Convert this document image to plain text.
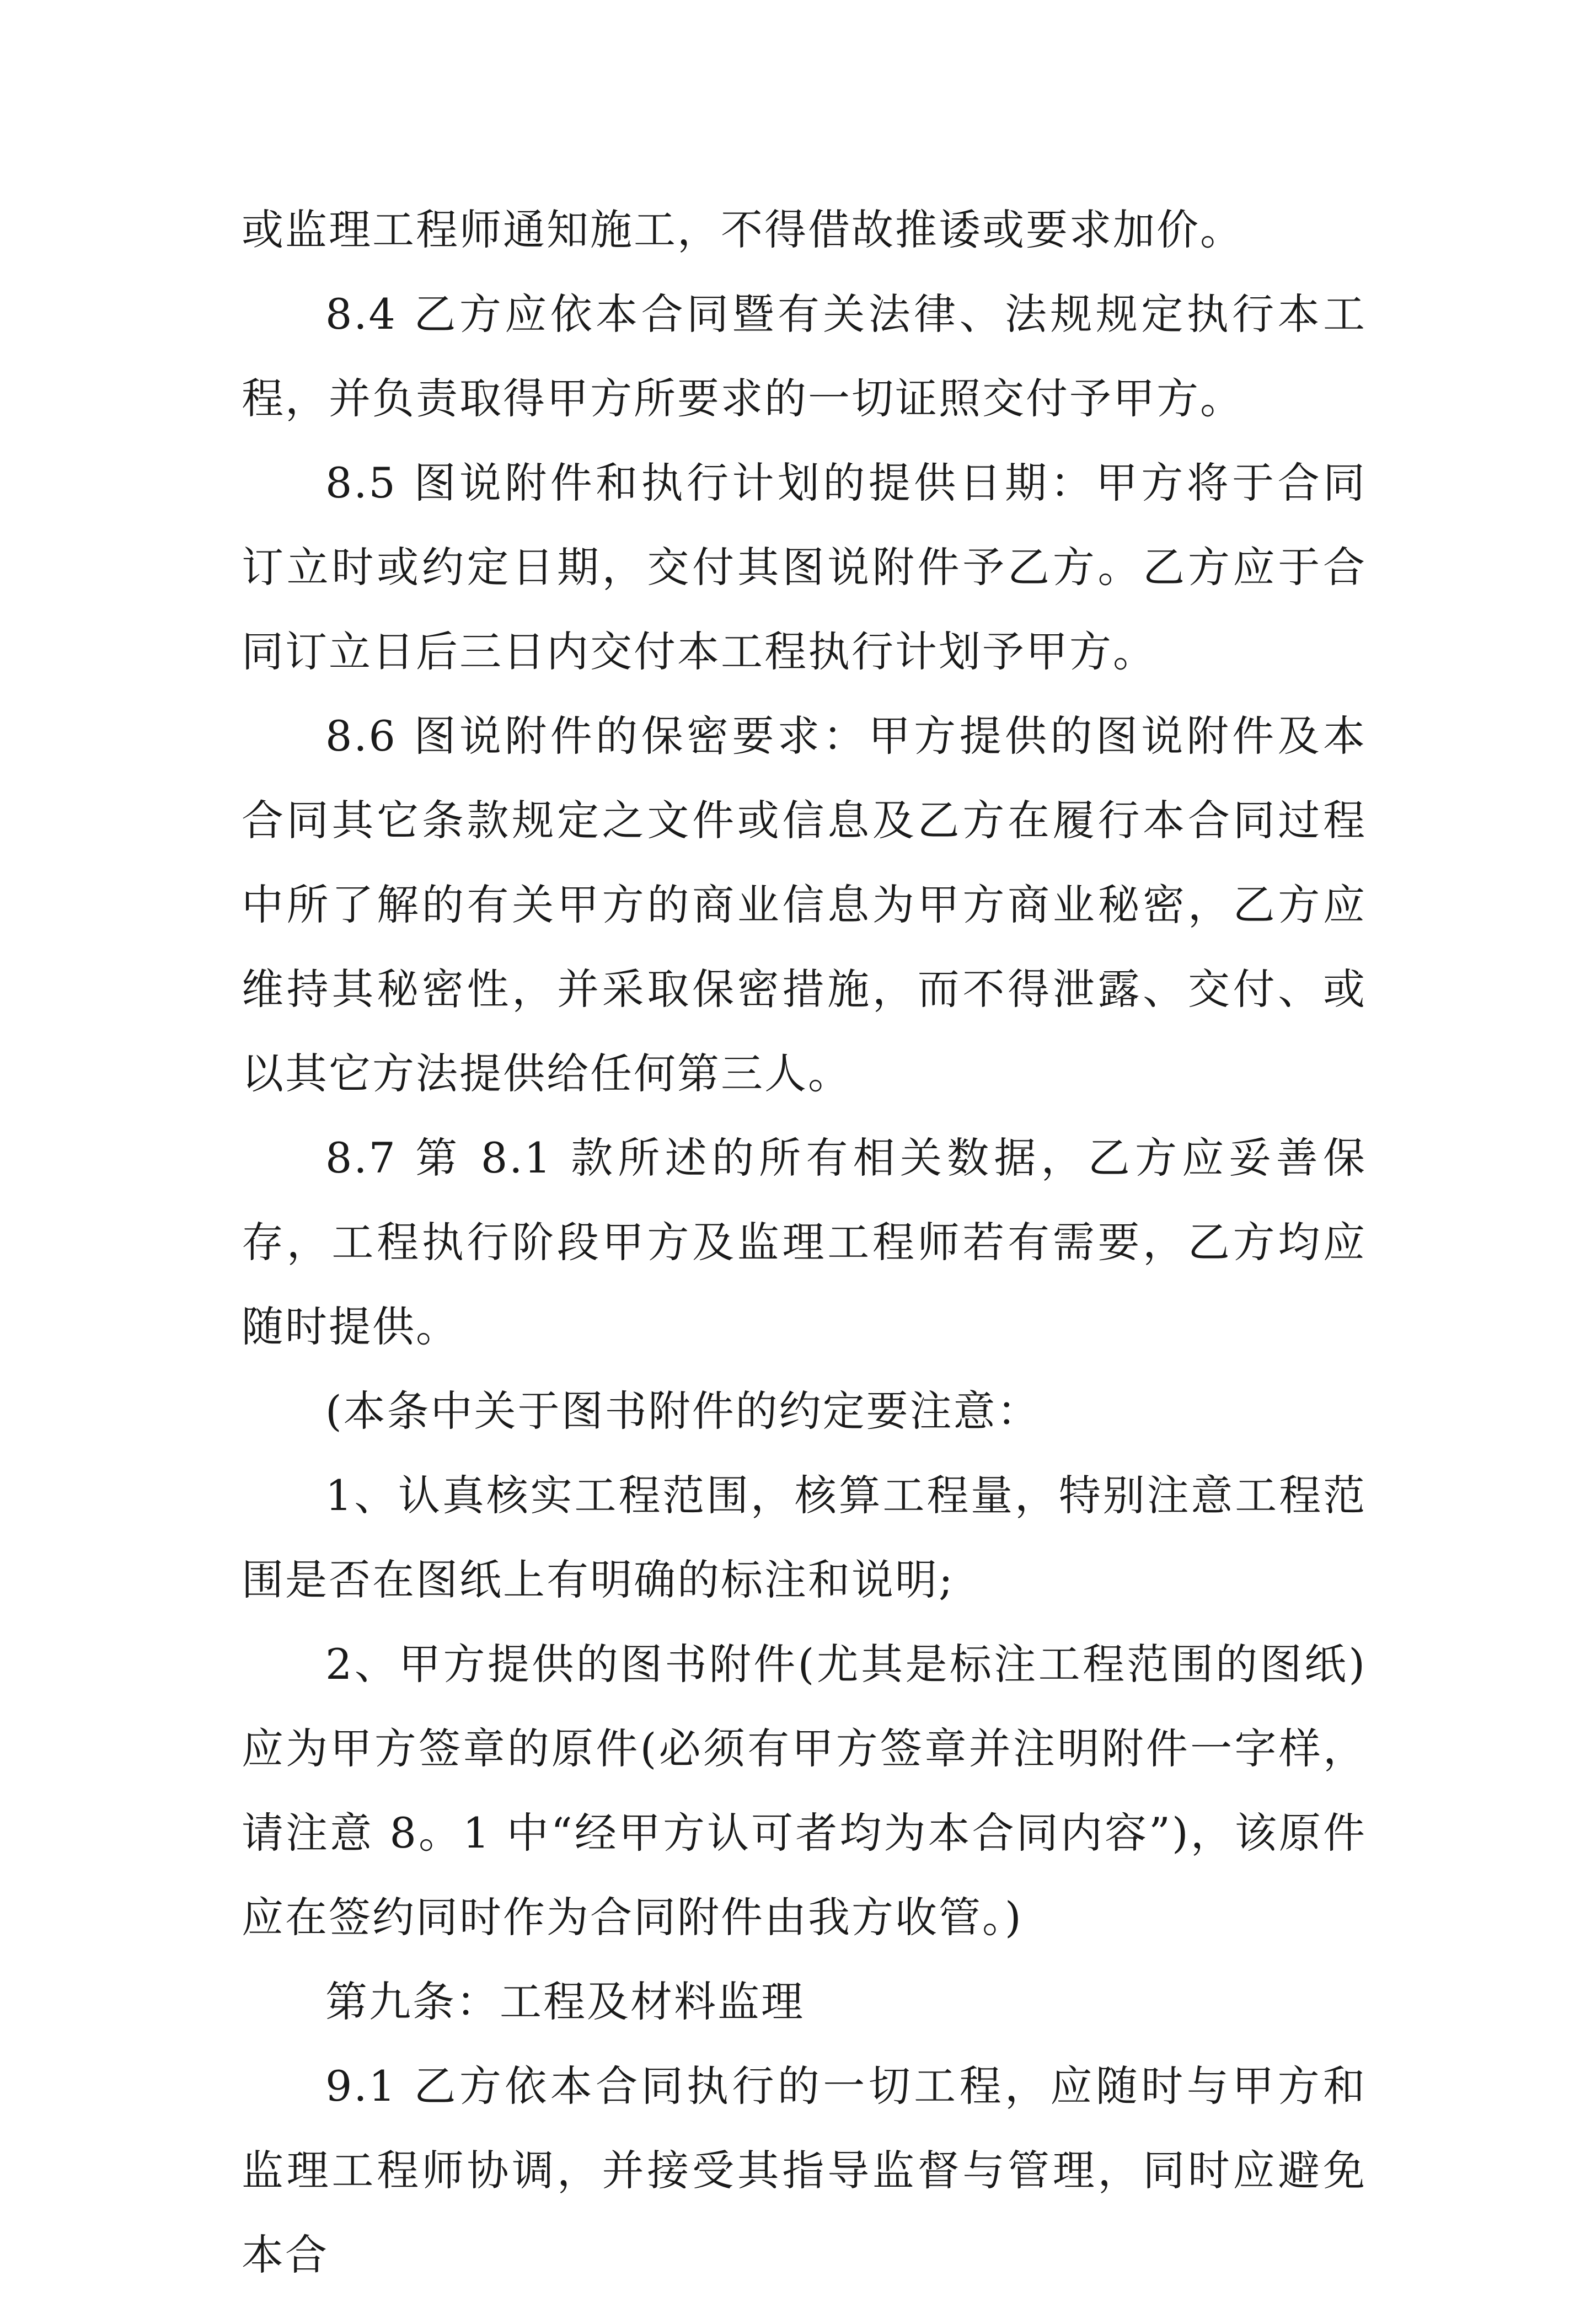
或监理工程师通知施工，不得借故推诿或要求加价。

8.4 乙方应依本合同暨有关法律、法规规定执行本工程，并负责取得甲方所要求的一切证照交付予甲方。

8.5 图说附件和执行计划的提供日期：甲方将于合同订立时或约定日期，交付其图说附件予乙方。乙方应于合同订立日后三日内交付本工程执行计划予甲方。

8.6 图说附件的保密要求：甲方提供的图说附件及本合同其它条款规定之文件或信息及乙方在履行本合同过程中所了解的有关甲方的商业信息为甲方商业秘密，乙方应维持其秘密性，并采取保密措施，而不得泄露、交付、或以其它方法提供给任何第三人。

8.7 第 8.1 款所述的所有相关数据，乙方应妥善保存，工程执行阶段甲方及监理工程师若有需要，乙方均应随时提供。

(本条中关于图书附件的约定要注意：

1、认真核实工程范围，核算工程量，特别注意工程范围是否在图纸上有明确的标注和说明;

2、甲方提供的图书附件(尤其是标注工程范围的图纸)应为甲方签章的原件(必须有甲方签章并注明附件一字样，请注意 8。1 中“经甲方认可者均为本合同内容”)，该原件应在签约同时作为合同附件由我方收管。)

第九条：工程及材料监理

9.1 乙方依本合同执行的一切工程，应随时与甲方和监理工程师协调，并接受其指导监督与管理，同时应避免本合
